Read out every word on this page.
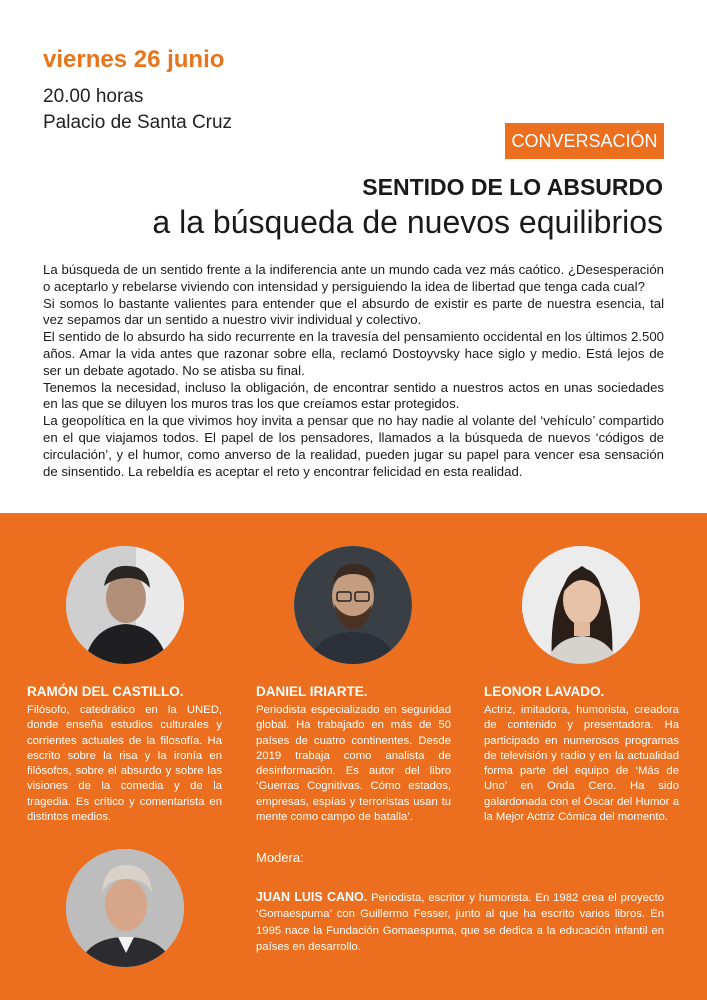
viernes 26 junio
20.00 horas
Palacio de Santa Cruz
CONVERSACIÓN
SENTIDO DE LO ABSURDO
a la búsqueda de nuevos equilibrios

La búsqueda de un sentido frente a la indiferencia ante un mundo cada vez más caótico. ¿Desesperación o aceptarlo y rebelarse viviendo con intensidad y persiguiendo la idea de libertad que tenga cada cual?

Si somos lo bastante valientes para entender que el absurdo de existir es parte de nuestra esencia, tal vez sepamos dar un sentido a nuestro vivir individual y colectivo.

El sentido de lo absurdo ha sido recurrente en la travesía del pensamiento occidental en los últimos 2.500 años. Amar la vida antes que razonar sobre ella, reclamó Dostoyvsky hace siglo y medio. Está lejos de ser un debate agotado. No se atisba su final.

Tenemos la necesidad, incluso la obligación, de encontrar sentido a nuestros actos en unas sociedades en las que se diluyen los muros tras los que creíamos estar protegidos.

La geopolítica en la que vivimos hoy invita a pensar que no hay nadie al volante del ‘vehículo’ compartido en el que viajamos todos. El papel de los pensadores, llamados a la búsqueda de nuevos ‘códigos de circulación’, y el humor, como anverso de la realidad, pueden jugar su papel para vencer esa sensación de sinsentido. La rebeldía es aceptar el reto y encontrar felicidad en esta realidad.

RAMÓN DEL CASTILLO.
Filósofo, catedrático en la UNED, donde enseña estudios culturales y corrientes actuales de la filosofía. Ha escrito sobre la risa y la ironía en filósofos, sobre el absurdo y sobre las visiones de la comedia y de la tragedia. Es crítico y comentarista en distintos medios.
DANIEL IRIARTE.
Periodista especializado en seguridad global. Ha trabajado en más de 50 países de cuatro continentes. Desde 2019 trabaja como analista de desinformación. Es autor del libro ‘Guerras Cognitivas. Cómo estados, empresas, espías y terroristas usan tu mente como campo de batalla’.
LEONOR LAVADO.
Actriz, imitadora, humorista, creadora de contenido y presentadora. Ha participado en numerosos programas de televisión y radio y en la actualidad forma parte del equipo de ‘Más de Uno’ en Onda Cero. Ha sido galardonada con el Óscar del Humor a la Mejor Actriz Cómica del momento.
Modera:
JUAN LUIS CANO. Periodista, escritor y humorista. En 1982 crea el proyecto ‘Gomaespuma’ con Guillermo Fesser, junto al que ha escrito varios libros. En 1995 nace la Fundación Gomaespuma, que se dedica a la educación infantil en países en desarrollo.
